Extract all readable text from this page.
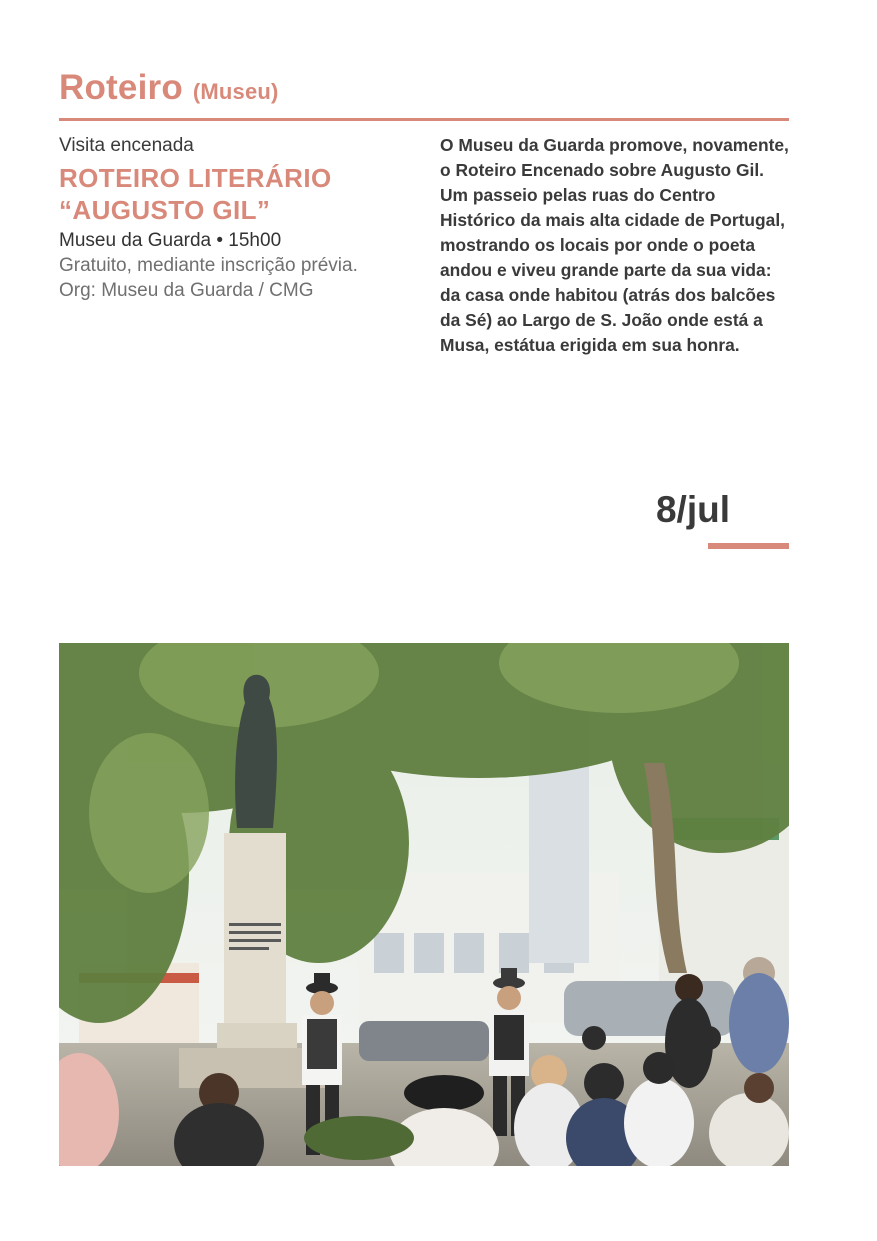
Roteiro (Museu)
Visita encenada
ROTEIRO LITERÁRIO
“AUGUSTO GIL”
Museu da Guarda • 15h00
Gratuito, mediante inscrição prévia.
Org: Museu da Guarda / CMG

O Museu da Guarda promove, novamente, o Roteiro Encenado sobre Augusto Gil. Um passeio pelas ruas do Centro Histórico da mais alta cidade de Portugal, mostrando os locais por onde o poeta andou e viveu grande parte da sua vida: da casa onde habitou (atrás dos balcões da Sé) ao Largo de S. João onde está a Musa, estátua erigida em sua honra.

8/jul
